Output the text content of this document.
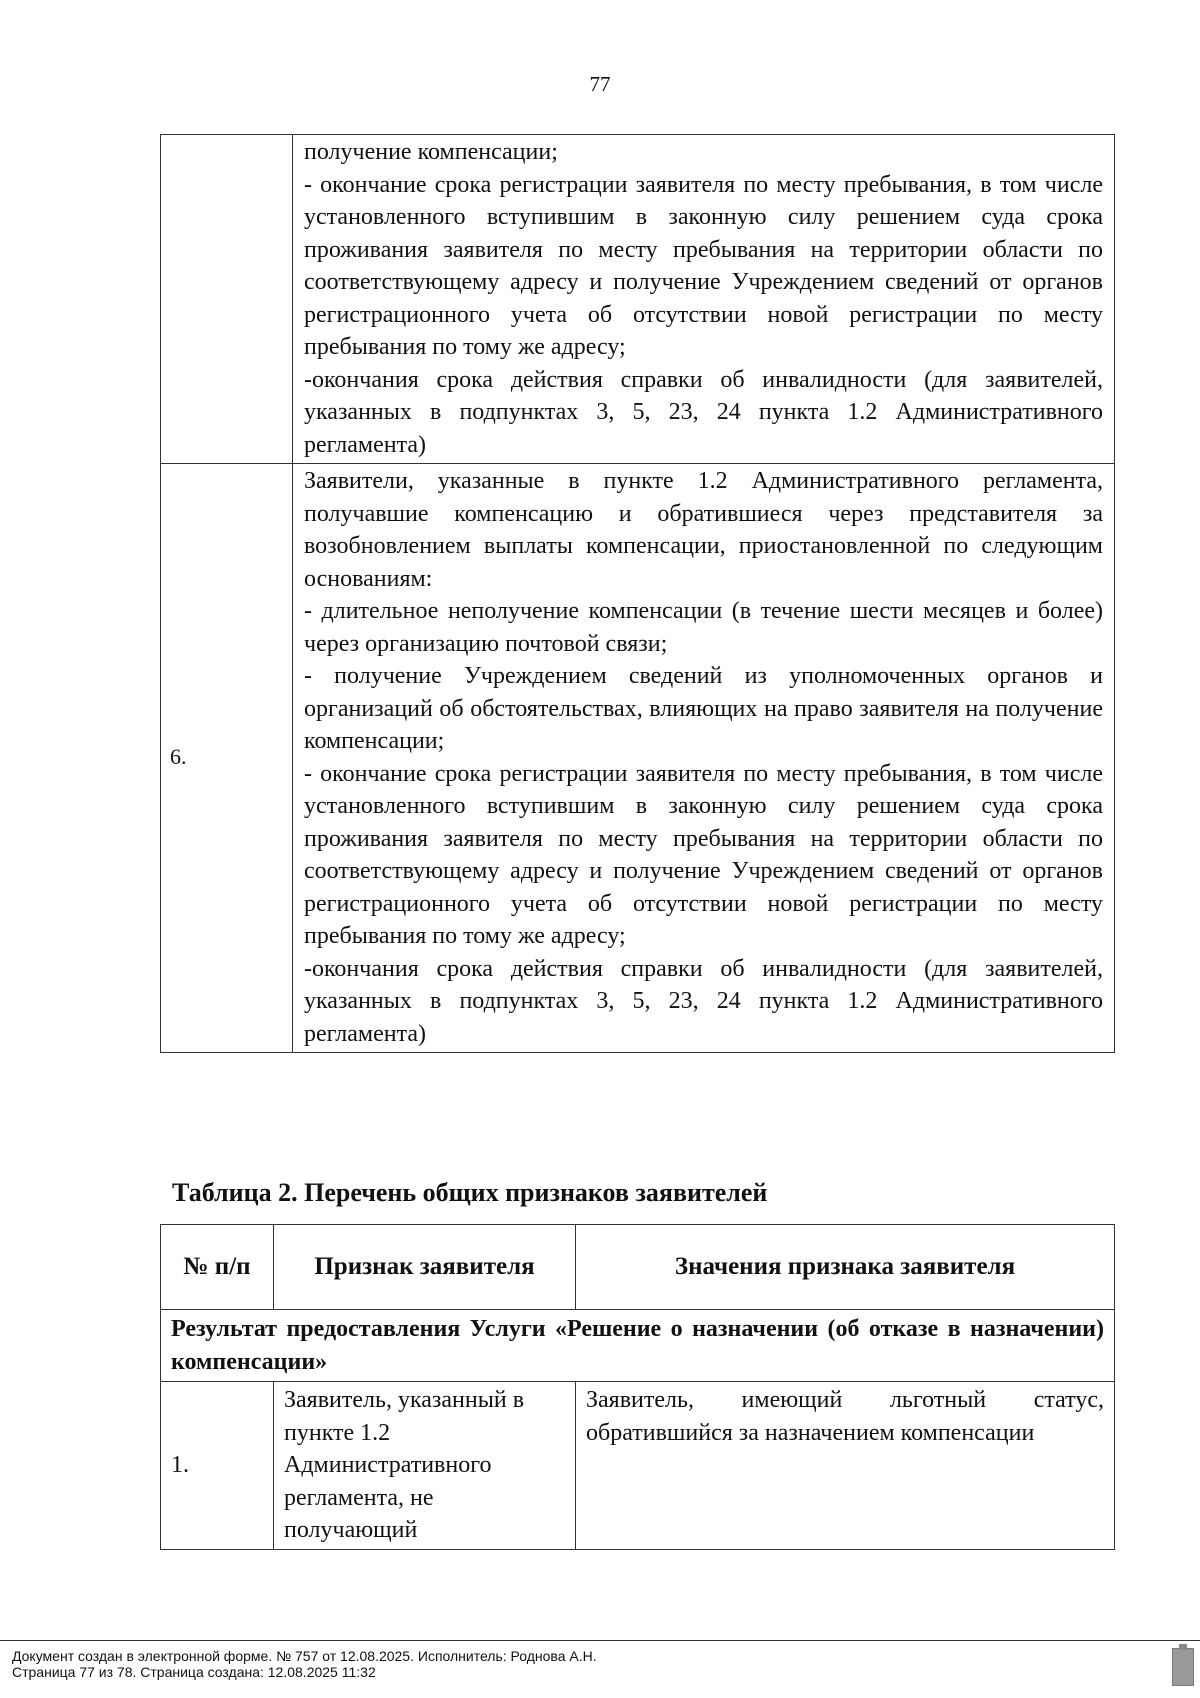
77

	получение компенсации;
- окончание срока регистрации заявителя по месту пребывания, в том числе установленного вступившим в законную силу решением суда срока проживания заявителя по месту пребывания на территории области по соответствующему адресу и получение Учреждением сведений от органов регистрационного учета об отсутствии новой регистрации по месту пребывания по тому же адресу;
-окончания срока действия справки об инвалидности (для заявителей, указанных в подпунктах 3, 5, 23, 24 пункта 1.2 Административного регламента)

6.	Заявители, указанные в пункте 1.2 Административного регламента, получавшие компенсацию и обратившиеся через представителя за возобновлением выплаты компенсации, приостановленной по следующим основаниям:
- длительное неполучение компенсации (в течение шести месяцев и более) через организацию почтовой связи;
- получение Учреждением сведений из уполномоченных органов и организаций об обстоятельствах, влияющих на право заявителя на получение компенсации;
- окончание срока регистрации заявителя по месту пребывания, в том числе установленного вступившим в законную силу решением суда срока проживания заявителя по месту пребывания на территории области по соответствующему адресу и получение Учреждением сведений от органов регистрационного учета об отсутствии новой регистрации по месту пребывания по тому же адресу;
-окончания срока действия справки об инвалидности (для заявителей, указанных в подпунктах 3, 5, 23, 24 пункта 1.2 Административного регламента)
Таблица 2. Перечень общих признаков заявителей
№ п/п	Признак заявителя	Значения признака заявителя
Результат предоставления Услуги «Решение о назначении (об отказе в назначении) компенсации»		
1.	Заявитель, указанный в пункте 1.2 Административного регламента, не получающий	Заявитель, имеющий льготный статус, обратившийся за назначением компенсации
Документ создан в электронной форме. № 757 от 12.08.2025. Исполнитель: Роднова А.Н.
Страница 77 из 78. Страница создана: 12.08.2025 11:32
